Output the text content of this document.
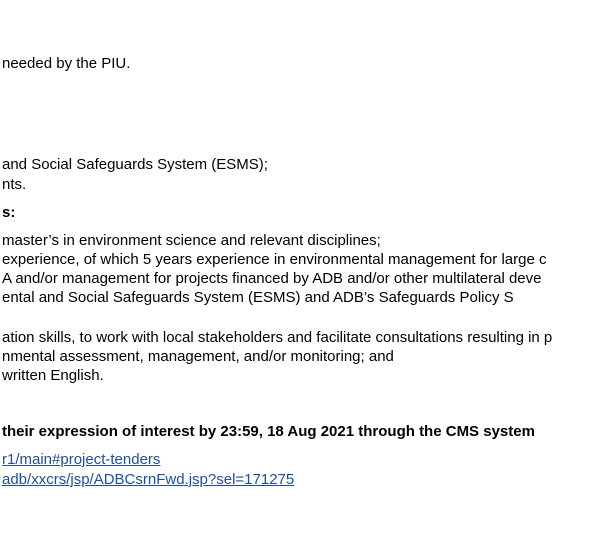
needed by the PIU.
and Social Safeguards System (ESMS);
nts.
s:
master’s in environment science and relevant disciplines;
experience, of which 5 years experience in environmental management for large c
A and/or management for projects financed by ADB and/or other multilateral deve
ental and Social Safeguards System (ESMS) and ADB’s Safeguards Policy S
ation skills, to work with local stakeholders and facilitate consultations resulting in p
nmental assessment, management, and/or monitoring; and
written English.
their expression of interest by 23:59, 18 Aug 2021 through the CMS system
r1/main#project-tenders
adb/xxcrs/jsp/ADBCsrnFwd.jsp?sel=171275
